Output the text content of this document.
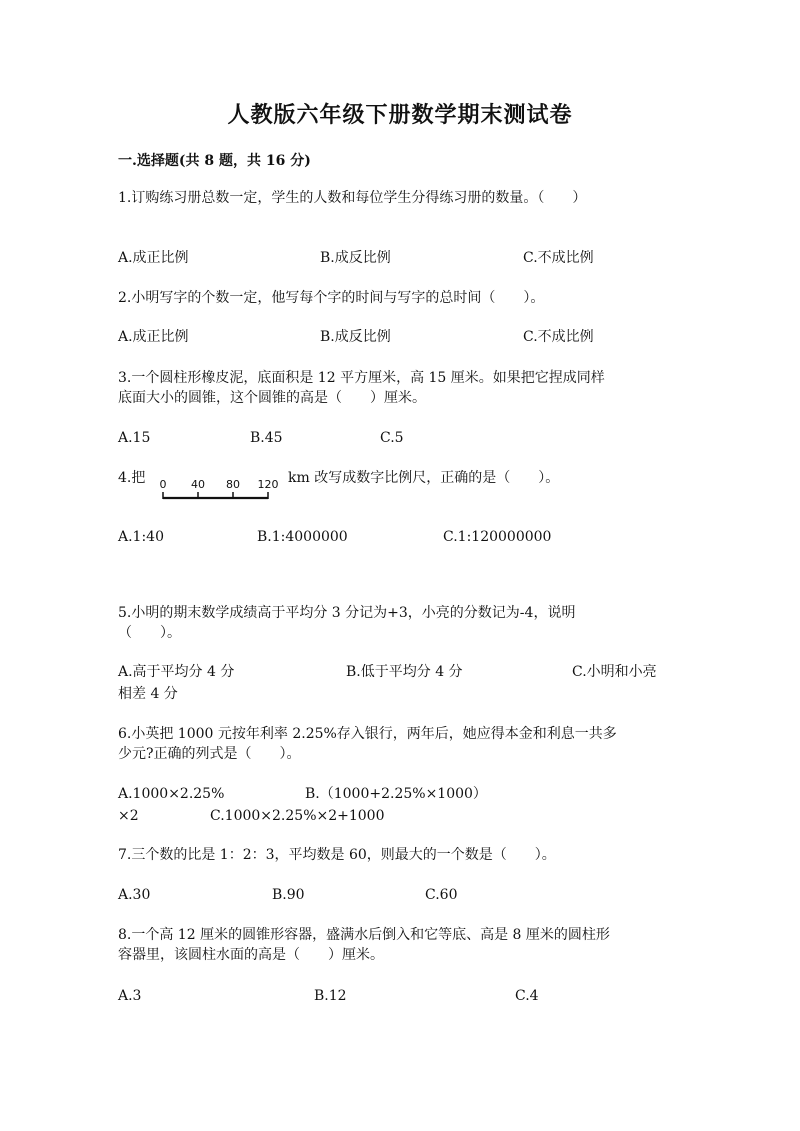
人教版六年级下册数学期末测试卷
一.选择题(共 8 题，共 16 分)
1.订购练习册总数一定，学生的人数和每位学生分得练习册的数量。（　　）
A.成正比例	B.成反比例	C.不成比例
2.小明写字的个数一定，他写每个字的时间与写字的总时间（　　）。
A.成正比例	B.成反比例	C.不成比例
3.一个圆柱形橡皮泥，底面积是 12 平方厘米，高 15 厘米。如果把它捏成同样
底面大小的圆锥，这个圆锥的高是（　　）厘米。
A.15	B.45	C.5
4.把 0 40 80 120 km 改写成数字比例尺，正确的是（　　）。
A.1:40	B.1:4000000	C.1:120000000
5.小明的期末数学成绩高于平均分 3 分记为+3，小亮的分数记为-4，说明
（　　）。
A.高于平均分 4 分	B.低于平均分 4 分	C.小明和小亮
相差 4 分
6.小英把 1000 元按年利率 2.25%存入银行，两年后，她应得本金和利息一共多
少元?正确的列式是（　　）。
A.1000×2.25%	B.（1000+2.25%×1000）
×2	C.1000×2.25%×2+1000
7.三个数的比是 1：2：3，平均数是 60，则最大的一个数是（　　）。
A.30	B.90	C.60
8.一个高 12 厘米的圆锥形容器，盛满水后倒入和它等底、高是 8 厘米的圆柱形
容器里，该圆柱水面的高是（　　）厘米。
A.3	B.12	C.4
